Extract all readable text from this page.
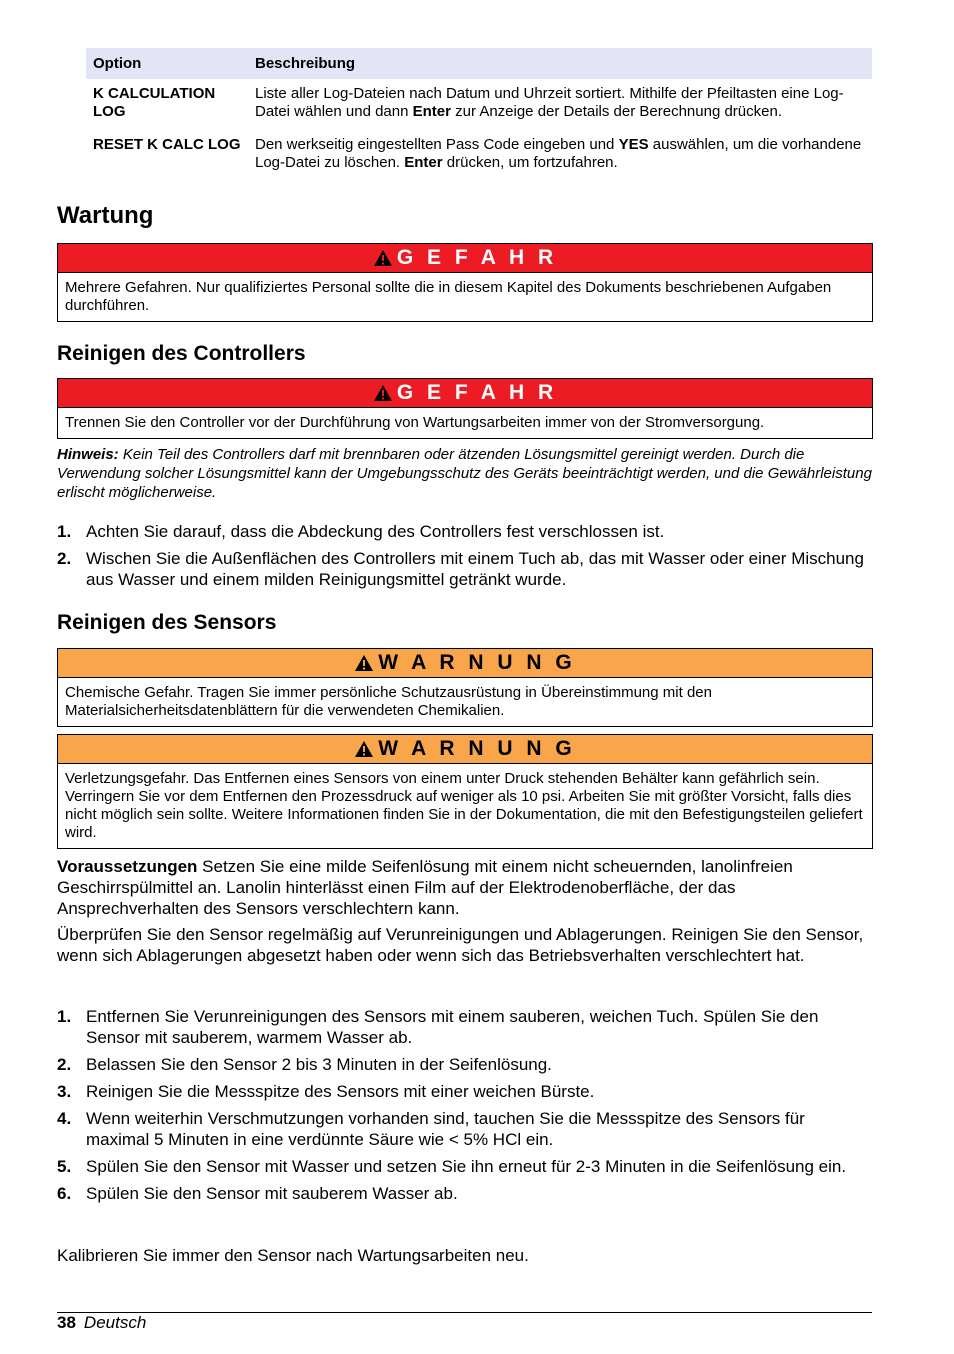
Option	Beschreibung
K CALCULATION LOG	Liste aller Log-Dateien nach Datum und Uhrzeit sortiert. Mithilfe der Pfeiltasten eine Log-Datei wählen und dann Enter zur Anzeige der Details der Berechnung drücken.
RESET K CALC LOG	Den werkseitig eingestellten Pass Code eingeben und YES auswählen, um die vorhandene Log-Datei zu löschen. Enter drücken, um fortzufahren.
Wartung
G E F A H R
Mehrere Gefahren. Nur qualifiziertes Personal sollte die in diesem Kapitel des Dokuments beschriebenen Aufgaben durchführen.
Reinigen des Controllers
G E F A H R
Trennen Sie den Controller vor der Durchführung von Wartungsarbeiten immer von der Stromversorgung.
Hinweis: Kein Teil des Controllers darf mit brennbaren oder ätzenden Lösungsmittel gereinigt werden. Durch die Verwendung solcher Lösungsmittel kann der Umgebungsschutz des Geräts beeinträchtigt werden, und die Gewährleistung erlischt möglicherweise.
1. Achten Sie darauf, dass die Abdeckung des Controllers fest verschlossen ist.
2. Wischen Sie die Außenflächen des Controllers mit einem Tuch ab, das mit Wasser oder einer Mischung aus Wasser und einem milden Reinigungsmittel getränkt wurde.
Reinigen des Sensors
W A R N U N G
Chemische Gefahr. Tragen Sie immer persönliche Schutzausrüstung in Übereinstimmung mit den Materialsicherheitsdatenblättern für die verwendeten Chemikalien.
W A R N U N G
Verletzungsgefahr. Das Entfernen eines Sensors von einem unter Druck stehenden Behälter kann gefährlich sein. Verringern Sie vor dem Entfernen den Prozessdruck auf weniger als 10 psi. Arbeiten Sie mit größter Vorsicht, falls dies nicht möglich sein sollte. Weitere Informationen finden Sie in der Dokumentation, die mit den Befestigungsteilen geliefert wird.
Voraussetzungen Setzen Sie eine milde Seifenlösung mit einem nicht scheuernden, lanolinfreien Geschirrspülmittel an. Lanolin hinterlässt einen Film auf der Elektrodenoberfläche, der das Ansprechverhalten des Sensors verschlechtern kann.
Überprüfen Sie den Sensor regelmäßig auf Verunreinigungen und Ablagerungen. Reinigen Sie den Sensor, wenn sich Ablagerungen abgesetzt haben oder wenn sich das Betriebsverhalten verschlechtert hat.
1. Entfernen Sie Verunreinigungen des Sensors mit einem sauberen, weichen Tuch. Spülen Sie den Sensor mit sauberem, warmem Wasser ab.
2. Belassen Sie den Sensor 2 bis 3 Minuten in der Seifenlösung.
3. Reinigen Sie die Messspitze des Sensors mit einer weichen Bürste.
4. Wenn weiterhin Verschmutzungen vorhanden sind, tauchen Sie die Messspitze des Sensors für maximal 5 Minuten in eine verdünnte Säure wie < 5% HCl ein.
5. Spülen Sie den Sensor mit Wasser und setzen Sie ihn erneut für 2-3 Minuten in die Seifenlösung ein.
6. Spülen Sie den Sensor mit sauberem Wasser ab.
Kalibrieren Sie immer den Sensor nach Wartungsarbeiten neu.
38 Deutsch
